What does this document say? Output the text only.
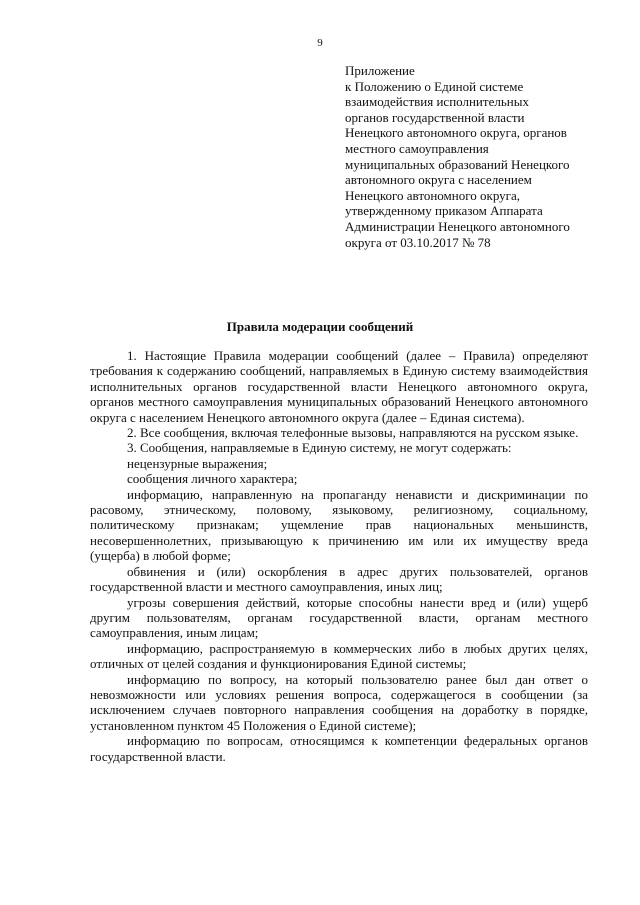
9
Приложение
к Положению о Единой системе
взаимодействия исполнительных
органов государственной власти
Ненецкого автономного округа, органов
местного самоуправления
муниципальных образований Ненецкого
автономного округа с населением
Ненецкого автономного округа,
утвержденному приказом Аппарата
Администрации Ненецкого автономного
округа от 03.10.2017 № 78
Правила модерации сообщений

1. Настоящие Правила модерации сообщений (далее – Правила) определяют требования к содержанию сообщений, направляемых в Единую систему взаимодействия исполнительных органов государственной власти Ненецкого автономного округа, органов местного самоуправления муниципальных образований Ненецкого автономного округа с населением Ненецкого автономного округа (далее – Единая система).

2. Все сообщения, включая телефонные вызовы, направляются на русском языке.

3. Сообщения, направляемые в Единую систему, не могут содержать:

нецензурные выражения;

сообщения личного характера;

информацию, направленную на пропаганду ненависти и дискриминации по расовому, этническому, половому, языковому, религиозному, социальному, политическому признакам; ущемление прав национальных меньшинств, несовершеннолетних, призывающую к причинению им или их имуществу вреда (ущерба) в любой форме;

обвинения и (или) оскорбления в адрес других пользователей, органов государственной власти и местного самоуправления, иных лиц;

угрозы совершения действий, которые способны нанести вред и (или) ущерб другим пользователям, органам государственной власти, органам местного самоуправления, иным лицам;

информацию, распространяемую в коммерческих либо в любых других целях, отличных от целей создания и функционирования Единой системы;

информацию по вопросу, на который пользователю ранее был дан ответ о невозможности или условиях решения вопроса, содержащегося в сообщении (за исключением случаев повторного направления сообщения на доработку в порядке, установленном пунктом 45 Положения о Единой системе);

информацию по вопросам, относящимся к компетенции федеральных органов государственной власти.
